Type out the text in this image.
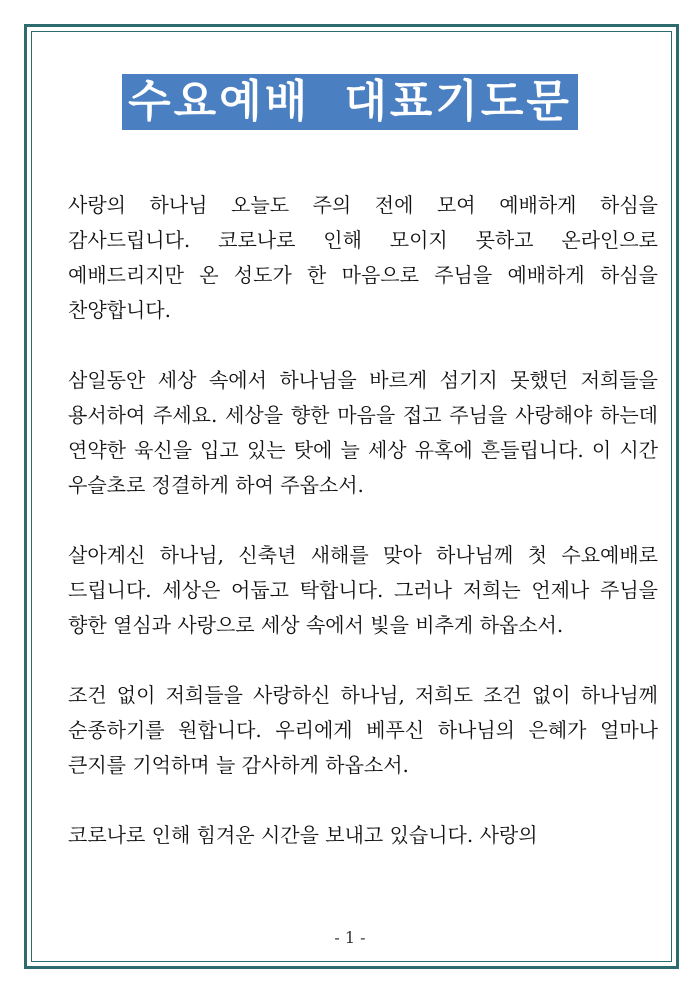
수요예배 대표기도문

사랑의 하나님 오늘도 주의 전에 모여 예배하게 하심을 감사드립니다. 코로나로 인해 모이지 못하고 온라인으로 예배드리지만 온 성도가 한 마음으로 주님을 예배하게 하심을 찬양합니다.

삼일동안 세상 속에서 하나님을 바르게 섬기지 못했던 저희들을 용서하여 주세요. 세상을 향한 마음을 접고 주님을 사랑해야 하는데 연약한 육신을 입고 있는 탓에 늘 세상 유혹에 흔들립니다. 이 시간 우슬초로 정결하게 하여 주옵소서.

살아계신 하나님, 신축년 새해를 맞아 하나님께 첫 수요예배로 드립니다. 세상은 어둡고 탁합니다. 그러나 저희는 언제나 주님을 향한 열심과 사랑으로 세상 속에서 빛을 비추게 하옵소서.

조건 없이 저희들을 사랑하신 하나님, 저희도 조건 없이 하나님께 순종하기를 원합니다. 우리에게 베푸신 하나님의 은혜가 얼마나 큰지를 기억하며 늘 감사하게 하옵소서.

코로나로 인해 힘겨운 시간을 보내고 있습니다. 사랑의

- 1 -
